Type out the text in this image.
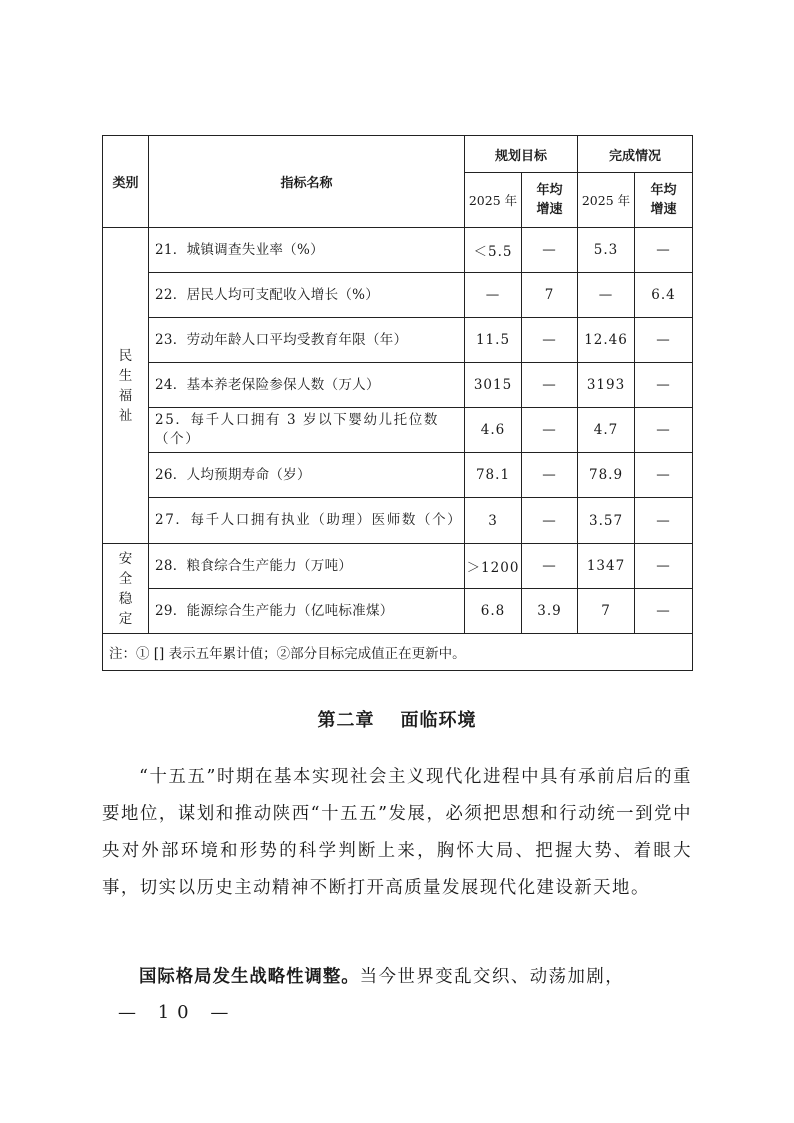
类别	指标名称	规划目标		完成情况	
		2025 年	年均增速	2025 年	年均增速

民
生
福
祉	21．城镇调查失业率（%）	＜5.5	—	5.3	—
	22．居民人均可支配收入增长（%）	—	7	—	6.4
	23．劳动年龄人口平均受教育年限（年）	11.5	—	12.46	—
	24．基本养老保险参保人数（万人）	3015	—	3193	—
	25．每千人口拥有 3 岁以下婴幼儿托位数（个）	4.6	—	4.7	—
	26．人均预期寿命（岁）	78.1	—	78.9	—
	27．每千人口拥有执业（助理）医师数（个）	3	—	3.57	—

安
全
稳
定	28．粮食综合生产能力（万吨）	＞1200	—	1347	—
	29．能源综合生产能力（亿吨标准煤）	6.8	3.9	7	—
注：① [] 表示五年累计值；②部分目标完成值正在更新中。					
第二章 面临环境

“十五五”时期在基本实现社会主义现代化进程中具有承前启后的重要地位，谋划和推动陕西“十五五”发展，必须把思想和行动统一到党中央对外部环境和形势的科学判断上来，胸怀大局、把握大势、着眼大事，切实以历史主动精神不断打开高质量发展现代化建设新天地。

国际格局发生战略性调整。当今世界变乱交织、动荡加剧，

— 10 —
